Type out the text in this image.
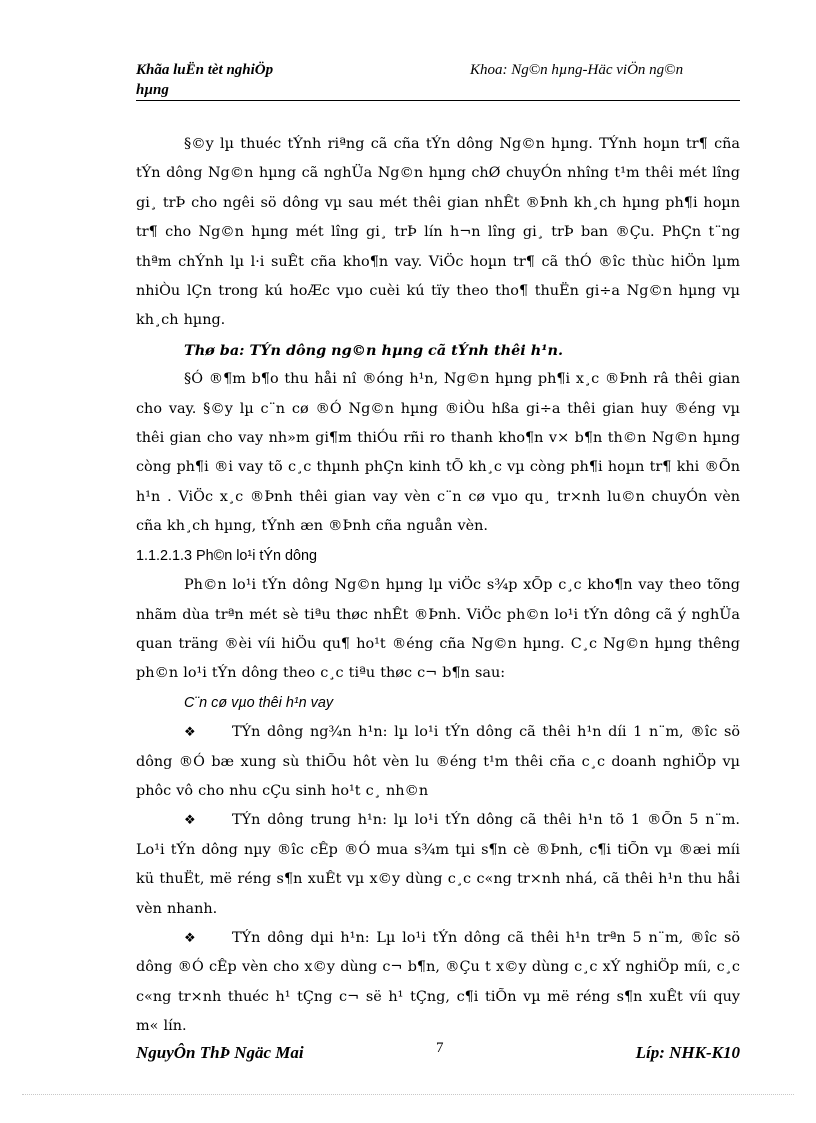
Khãa luËn tèt nghiÖp
hµng
Khoa: Ng©n hµng-Häc viÖn ng©n

§©y lµ thuéc tÝnh riªng cã cña tÝn dông Ng©n hµng. TÝnh hoµn tr¶ cña tÝn dông Ng©n hµng cã nghÜa Ng©n hµng chØ chuyÓn nhîng t¹m thêi mét lîng gi¸ trÞ cho ngêi sö dông vµ sau mét thêi gian nhÊt ®Þnh kh¸ch hµng ph¶i hoµn tr¶ cho Ng©n hµng mét lîng gi¸ trÞ lín h¬n lîng gi¸ trÞ ban ®Çu. PhÇn t¨ng thªm chÝnh lµ l·i suÊt cña kho¶n vay. ViÖc hoµn tr¶ cã thÓ ®îc thùc hiÖn lµm nhiÒu lÇn trong kú hoÆc vµo cuèi kú tïy theo tho¶ thuËn gi÷a Ng©n hµng vµ kh¸ch hµng.

Thø ba: TÝn dông ng©n hµng cã tÝnh thêi h¹n.

§Ó ®¶m b¶o thu håi nî ®óng h¹n, Ng©n hµng ph¶i x¸c ®Þnh râ thêi gian cho vay. §©y lµ c¨n cø ®Ó Ng©n hµng ®iÒu hßa gi÷a thêi gian huy ®éng vµ thêi gian cho vay nh»m gi¶m thiÓu rñi ro thanh kho¶n v× b¶n th©n Ng©n hµng còng ph¶i ®i vay tõ c¸c thµnh phÇn kinh tÕ kh¸c vµ còng ph¶i hoµn tr¶ khi ®Õn h¹n . ViÖc x¸c ®Þnh thêi gian vay vèn c¨n cø vµo qu¸ tr×nh lu©n chuyÓn vèn cña kh¸ch hµng, tÝnh æn ®Þnh cña nguån vèn.

1.1.2.1.3 Ph©n lo¹i tÝn dông

Ph©n lo¹i tÝn dông Ng©n hµng lµ viÖc s¾p xÕp c¸c kho¶n vay theo tõng nhãm dùa trªn mét sè tiªu thøc nhÊt ®Þnh. ViÖc ph©n lo¹i tÝn dông cã ý nghÜa quan träng ®èi víi hiÖu qu¶ ho¹t ®éng cña Ng©n hµng. C¸c Ng©n hµng thêng ph©n lo¹i tÝn dông theo c¸c tiªu thøc c¬ b¶n sau:

C¨n cø vµo thêi h¹n vay

❖	TÝn dông ng¾n h¹n: lµ lo¹i tÝn dông cã thêi h¹n díi 1 n¨m, ®îc sö dông ®Ó bæ xung sù thiÕu hôt vèn lu ®éng t¹m thêi cña c¸c doanh nghiÖp vµ phôc vô cho nhu cÇu sinh ho¹t c¸ nh©n

❖	TÝn dông trung h¹n: lµ lo¹i tÝn dông cã thêi h¹n tõ 1 ®Õn 5 n¨m. Lo¹i tÝn dông nµy ®îc cÊp ®Ó mua s¾m tµi s¶n cè ®Þnh, c¶i tiÕn vµ ®æi míi kü thuËt, më réng s¶n xuÊt vµ x©y dùng c¸c c«ng tr×nh nhá, cã thêi h¹n thu håi vèn nhanh.

❖	TÝn dông dµi h¹n: Lµ lo¹i tÝn dông cã thêi h¹n trªn 5 n¨m, ®îc sö dông ®Ó cÊp vèn cho x©y dùng c¬ b¶n, ®Çu t x©y dùng c¸c xÝ nghiÖp míi, c¸c c«ng tr×nh thuéc h¹ tÇng c¬ së h¹ tÇng, c¶i tiÕn vµ më réng s¶n xuÊt víi quy m« lín.

NguyÔn ThÞ Ngäc Mai	7	Líp: NHK-K10
